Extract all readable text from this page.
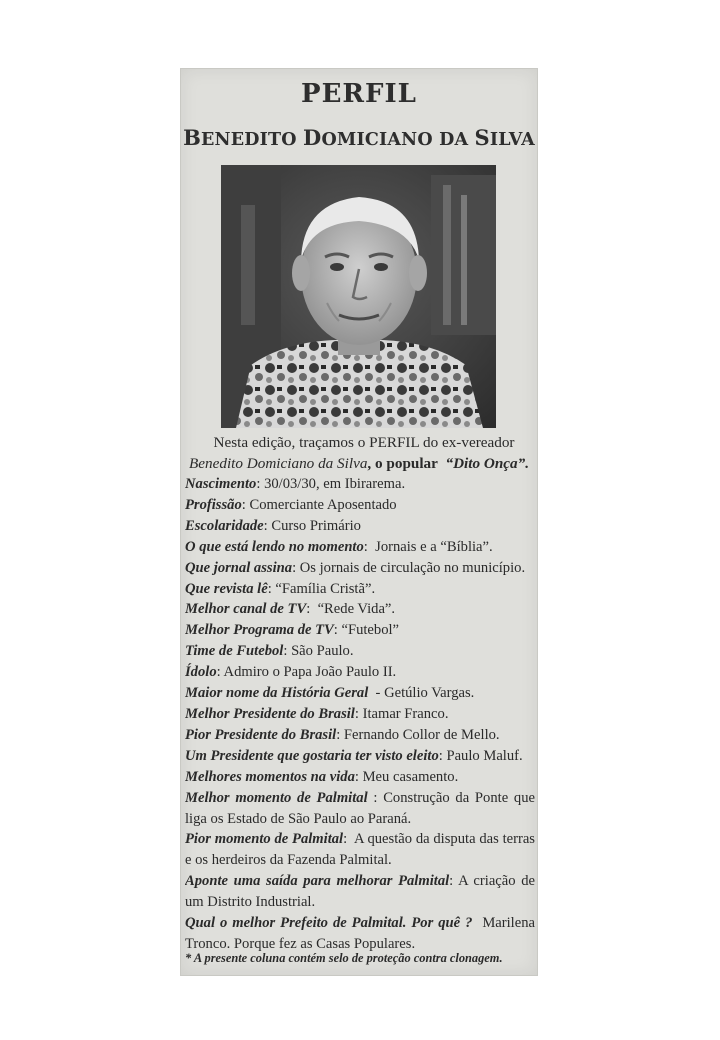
PERFIL
BENEDITO DOMICIANO DA SILVA
Nesta edição, traçamos o PERFIL do ex-vereador
Benedito Domiciano da Silva, o popular “Dito Onça”.
Nascimento: 30/03/30, em Ibirarema.
Profissão: Comerciante Aposentado
Escolaridade: Curso Primário
O que está lendo no momento:  Jornais e a “Bíblia”.
Que jornal assina: Os jornais de circulação no município.
Que revista lê: “Família Cristã”.
Melhor canal de TV:  “Rede Vida”.
Melhor Programa de TV: “Futebol”
Time de Futebol: São Paulo.
Ídolo: Admiro o Papa João Paulo II.
Maior nome da História Geral  - Getúlio Vargas.
Melhor Presidente do Brasil: Itamar Franco.
Pior Presidente do Brasil: Fernando Collor de Mello.
Um Presidente que gostaria ter visto eleito: Paulo Maluf.
Melhores momentos na vida: Meu casamento.
Melhor momento de Palmital : Construção da Ponte que liga os Estado de São Paulo ao Paraná.
Pior momento de Palmital:  A questão da disputa das terras e os herdeiros da Fazenda Palmital.
Aponte uma saída para melhorar Palmital: A criação de um Distrito Industrial.
Qual o melhor Prefeito de Palmital. Por quê ? Marilena Tronco. Porque fez as Casas Populares.
* A presente coluna contém selo de proteção contra clonagem.
